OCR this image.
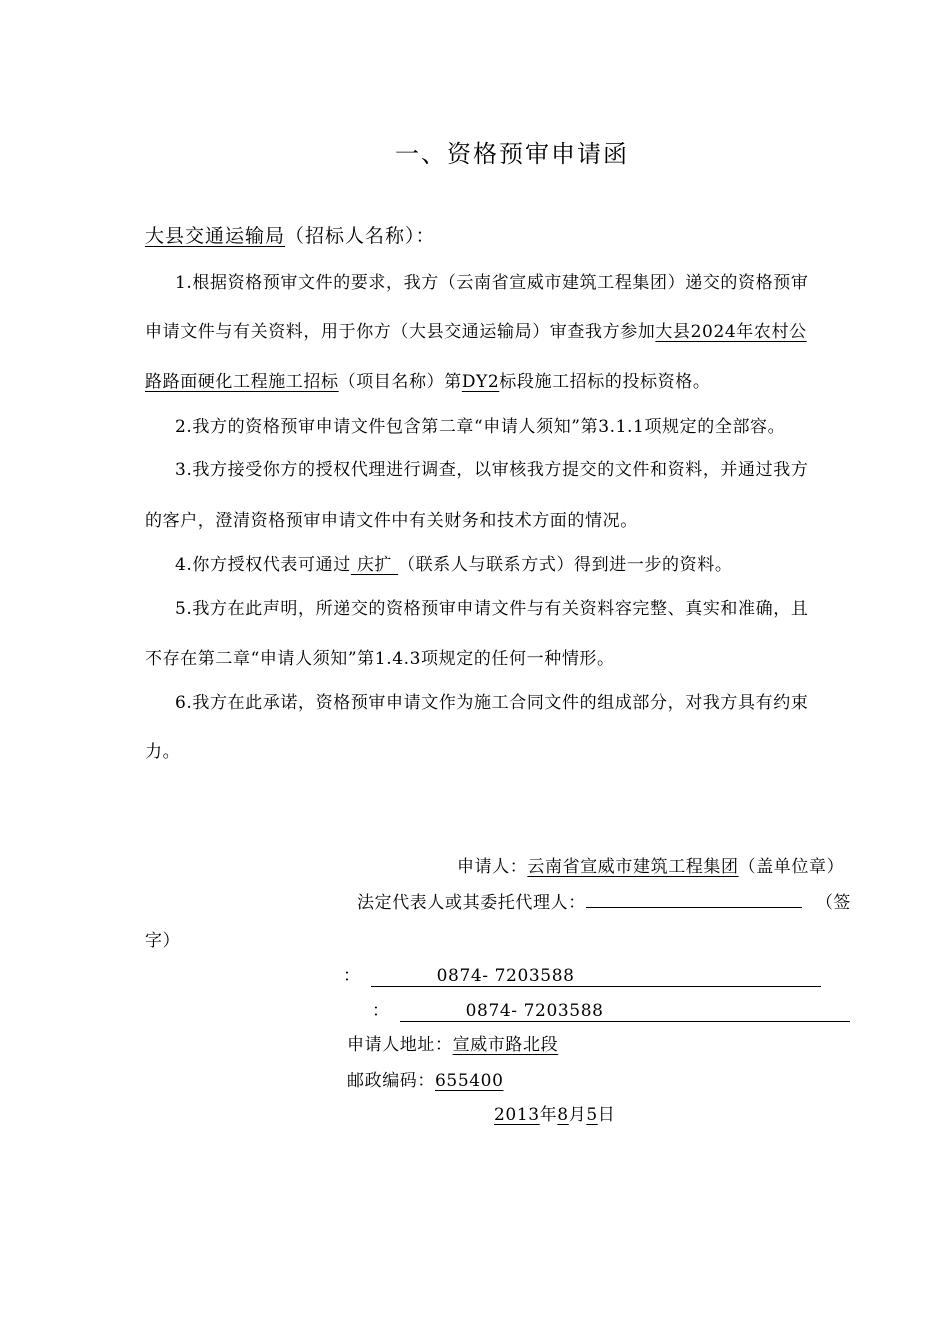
一、资格预审申请函
大县交通运输局（招标人名称）：
1.根据资格预审文件的要求，我方（云南省宣威市建筑工程集团）递交的资格预审
申请文件与有关资料，用于你方（大县交通运输局）审查我方参加大县2024年农村公
路路面硬化工程施工招标（项目名称）第DY2标段施工招标的投标资格。
2.我方的资格预审申请文件包含第二章“申请人须知”第3.1.1项规定的全部容。
3.我方接受你方的授权代理进行调查，以审核我方提交的文件和资料，并通过我方
的客户，澄清资格预审申请文件中有关财务和技术方面的情况。
4.你方授权代表可通过 庆扩 （联系人与联系方式）得到进一步的资料。
5.我方在此声明，所递交的资格预审申请文件与有关资料容完整、真实和准确，且
不存在第二章“申请人须知”第1.4.3项规定的任何一种情形。
6.我方在此承诺，资格预审申请文作为施工合同文件的组成部分，对我方具有约束
力。
申请人：云南省宣威市建筑工程集团（盖单位章）
法定代表人或其委托代理人：	（签
字）
：	0874- 7203588
：	0874- 7203588
申请人地址：宣威市路北段
邮政编码：655400
2013年8月5日
